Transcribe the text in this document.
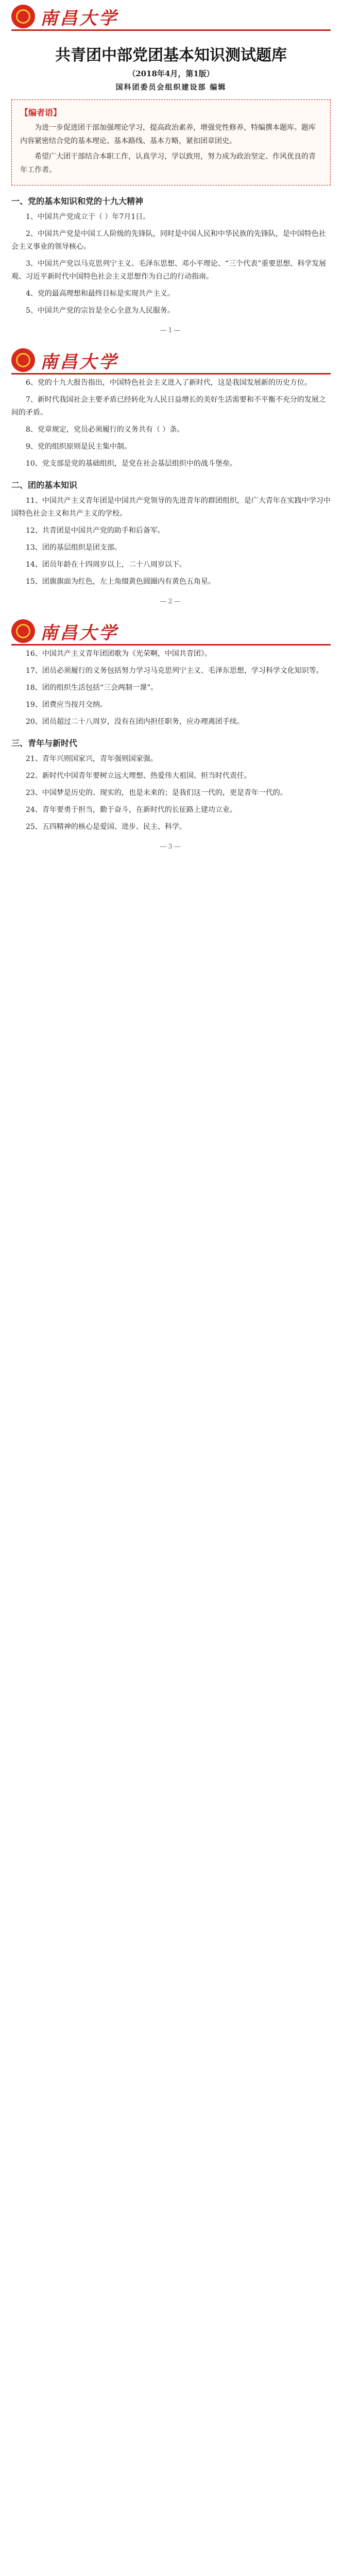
南昌大学
共青团中部党团基本知识测试题库
（2018年4月，第1版）
国科团委员会组织建设部 编辑
【编者语】

为进一步促进团干部加强理论学习，提高政治素养，增强党性修养，特编撰本题库。题库内容紧密结合党的基本理论、基本路线、基本方略，紧扣团章团史。

希望广大团干部结合本职工作，认真学习，学以致用，努力成为政治坚定、作风优良的青年工作者。

一、党的基本知识和党的十九大精神

1、中国共产党成立于（ ）年7月1日。

2、中国共产党是中国工人阶级的先锋队，同时是中国人民和中华民族的先锋队，是中国特色社会主义事业的领导核心。

3、中国共产党以马克思列宁主义、毛泽东思想、邓小平理论、“三个代表”重要思想、科学发展观、习近平新时代中国特色社会主义思想作为自己的行动指南。

4、党的最高理想和最终目标是实现共产主义。

5、中国共产党的宗旨是全心全意为人民服务。

—1—
南昌大学

6、党的十九大报告指出，中国特色社会主义进入了新时代，这是我国发展新的历史方位。

7、新时代我国社会主要矛盾已经转化为人民日益增长的美好生活需要和不平衡不充分的发展之间的矛盾。

8、党章规定，党员必须履行的义务共有（ ）条。

9、党的组织原则是民主集中制。

10、党支部是党的基础组织，是党在社会基层组织中的战斗堡垒。

二、团的基本知识

11、中国共产主义青年团是中国共产党领导的先进青年的群团组织，是广大青年在实践中学习中国特色社会主义和共产主义的学校。

12、共青团是中国共产党的助手和后备军。

13、团的基层组织是团支部。

14、团员年龄在十四周岁以上，二十八周岁以下。

15、团旗旗面为红色，左上角缀黄色圆圈内有黄色五角星。

—2—
南昌大学

16、中国共产主义青年团团歌为《光荣啊，中国共青团》。

17、团员必须履行的义务包括努力学习马克思列宁主义、毛泽东思想，学习科学文化知识等。

18、团的组织生活包括“三会两制一课”。

19、团费应当按月交纳。

20、团员超过二十八周岁，没有在团内担任职务，应办理离团手续。

三、青年与新时代

21、青年兴则国家兴，青年强则国家强。

22、新时代中国青年要树立远大理想、热爱伟大祖国、担当时代责任。

23、中国梦是历史的、现实的，也是未来的；是我们这一代的，更是青年一代的。

24、青年要勇于担当，勤于奋斗，在新时代的长征路上建功立业。

25、五四精神的核心是爱国、进步、民主、科学。

—3—
